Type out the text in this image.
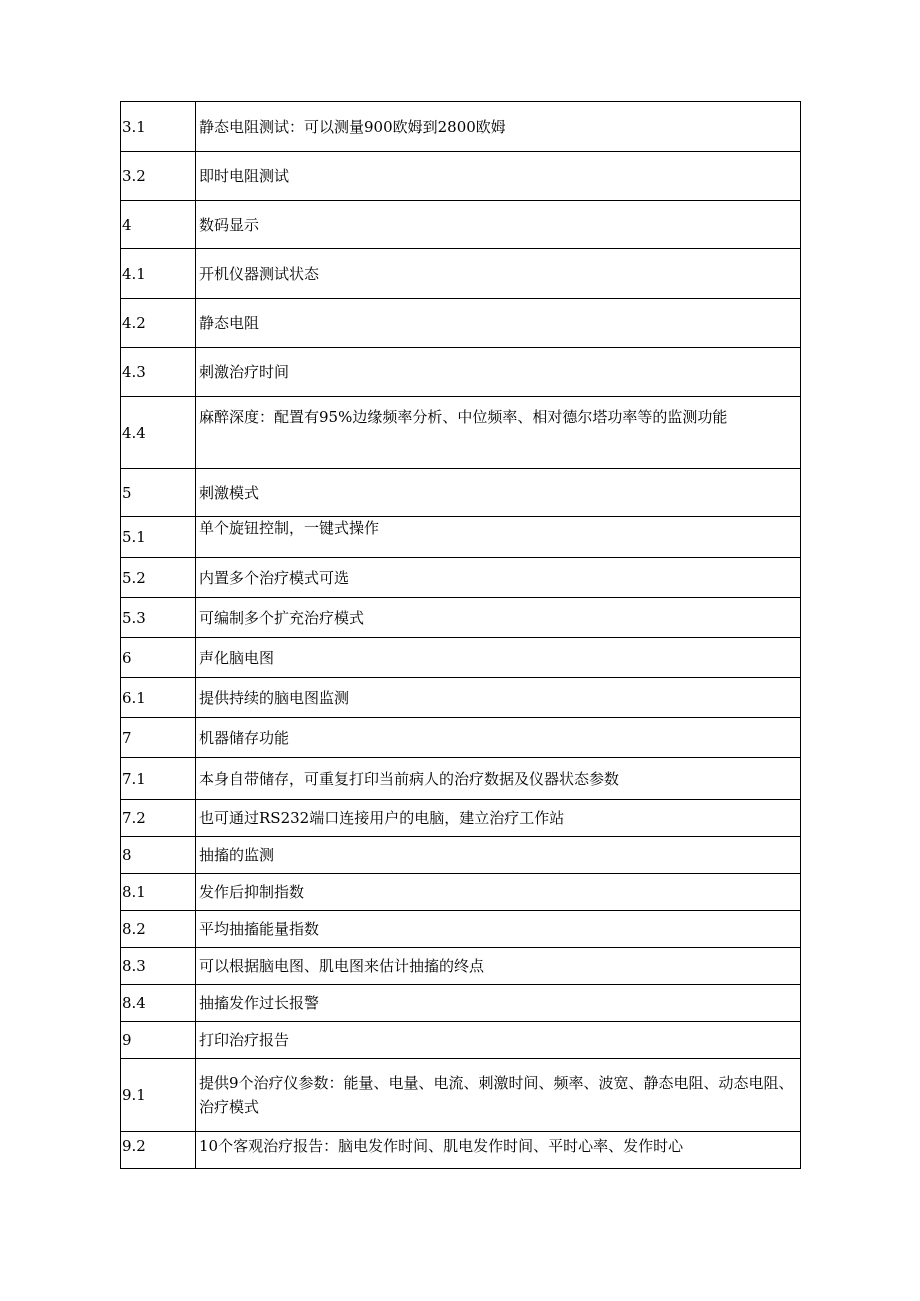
3.1	静态电阻测试：可以测量900欧姆到2800欧姆
3.2	即时电阻测试
4	数码显示
4.1	开机仪器测试状态
4.2	静态电阻
4.3	刺激治疗时间
4.4	麻醉深度：配置有95%边缘频率分析、中位频率、相对德尔塔功率等的监测功能
5	刺激模式
5.1	单个旋钮控制，一键式操作
5.2	内置多个治疗模式可选
5.3	可编制多个扩充治疗模式
6	声化脑电图
6.1	提供持续的脑电图监测
7	机器储存功能
7.1	本身自带储存，可重复打印当前病人的治疗数据及仪器状态参数
7.2	也可通过RS232端口连接用户的电脑，建立治疗工作站
8	抽搐的监测
8.1	发作后抑制指数
8.2	平均抽搐能量指数
8.3	可以根据脑电图、肌电图来估计抽搐的终点
8.4	抽搐发作过长报警
9	打印治疗报告
9.1	提供9个治疗仪参数：能量、电量、电流、刺激时间、频率、波宽、静态电阻、动态电阻、治疗模式
9.2	10个客观治疗报告：脑电发作时间、肌电发作时间、平时心率、发作时心
